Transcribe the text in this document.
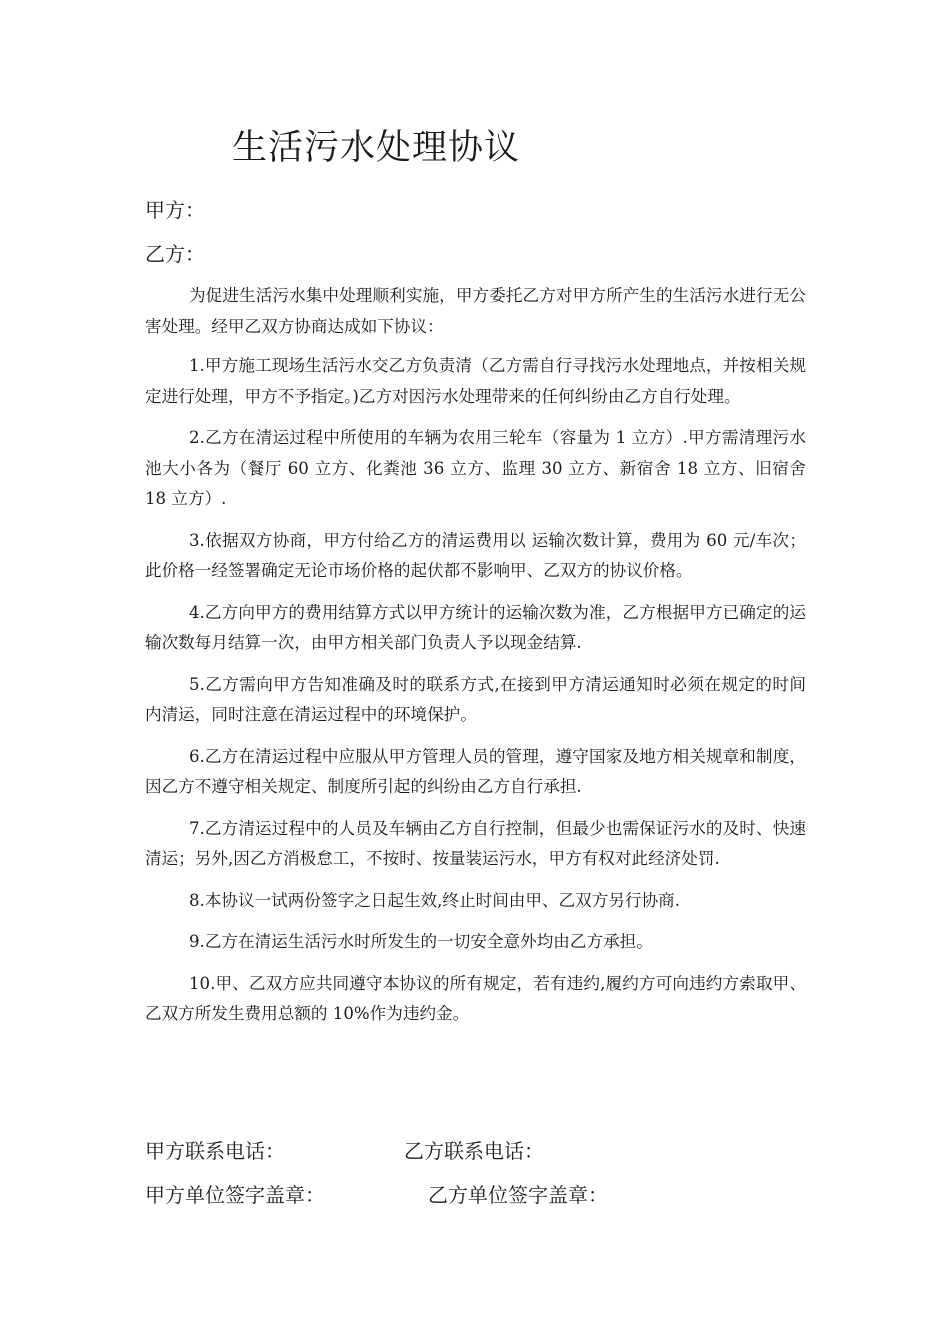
生活污水处理协议
甲方：
乙方：

为促进生活污水集中处理顺利实施，甲方委托乙方对甲方所产生的生活污水进行无公害处理。经甲乙双方协商达成如下协议：

1.甲方施工现场生活污水交乙方负责清（乙方需自行寻找污水处理地点，并按相关规定进行处理，甲方不予指定。)乙方对因污水处理带来的任何纠纷由乙方自行处理。

2.乙方在清运过程中所使用的车辆为农用三轮车（容量为 1 立方）.甲方需清理污水池大小各为（餐厅 60 立方、化粪池 36 立方、监理 30 立方、新宿舍 18 立方、旧宿舍 18 立方）.

3.依据双方协商，甲方付给乙方的清运费用以 运输次数计算，费用为 60 元/车次；此价格一经签署确定无论市场价格的起伏都不影响甲、乙双方的协议价格。

4.乙方向甲方的费用结算方式以甲方统计的运输次数为准，乙方根据甲方已确定的运输次数每月结算一次，由甲方相关部门负责人予以现金结算.

5.乙方需向甲方告知准确及时的联系方式,在接到甲方清运通知时必须在规定的时间内清运，同时注意在清运过程中的环境保护。

6.乙方在清运过程中应服从甲方管理人员的管理，遵守国家及地方相关规章和制度，因乙方不遵守相关规定、制度所引起的纠纷由乙方自行承担.

7.乙方清运过程中的人员及车辆由乙方自行控制，但最少也需保证污水的及时、快速清运；另外,因乙方消极怠工，不按时、按量装运污水，甲方有权对此经济处罚.

8.本协议一试两份签字之日起生效,终止时间由甲、乙双方另行协商.

9.乙方在清运生活污水时所发生的一切安全意外均由乙方承担。

10.甲、乙双方应共同遵守本协议的所有规定，若有违约,履约方可向违约方索取甲、乙双方所发生费用总额的 10%作为违约金。

甲方联系电话：	乙方联系电话：
甲方单位签字盖章：	乙方单位签字盖章：
